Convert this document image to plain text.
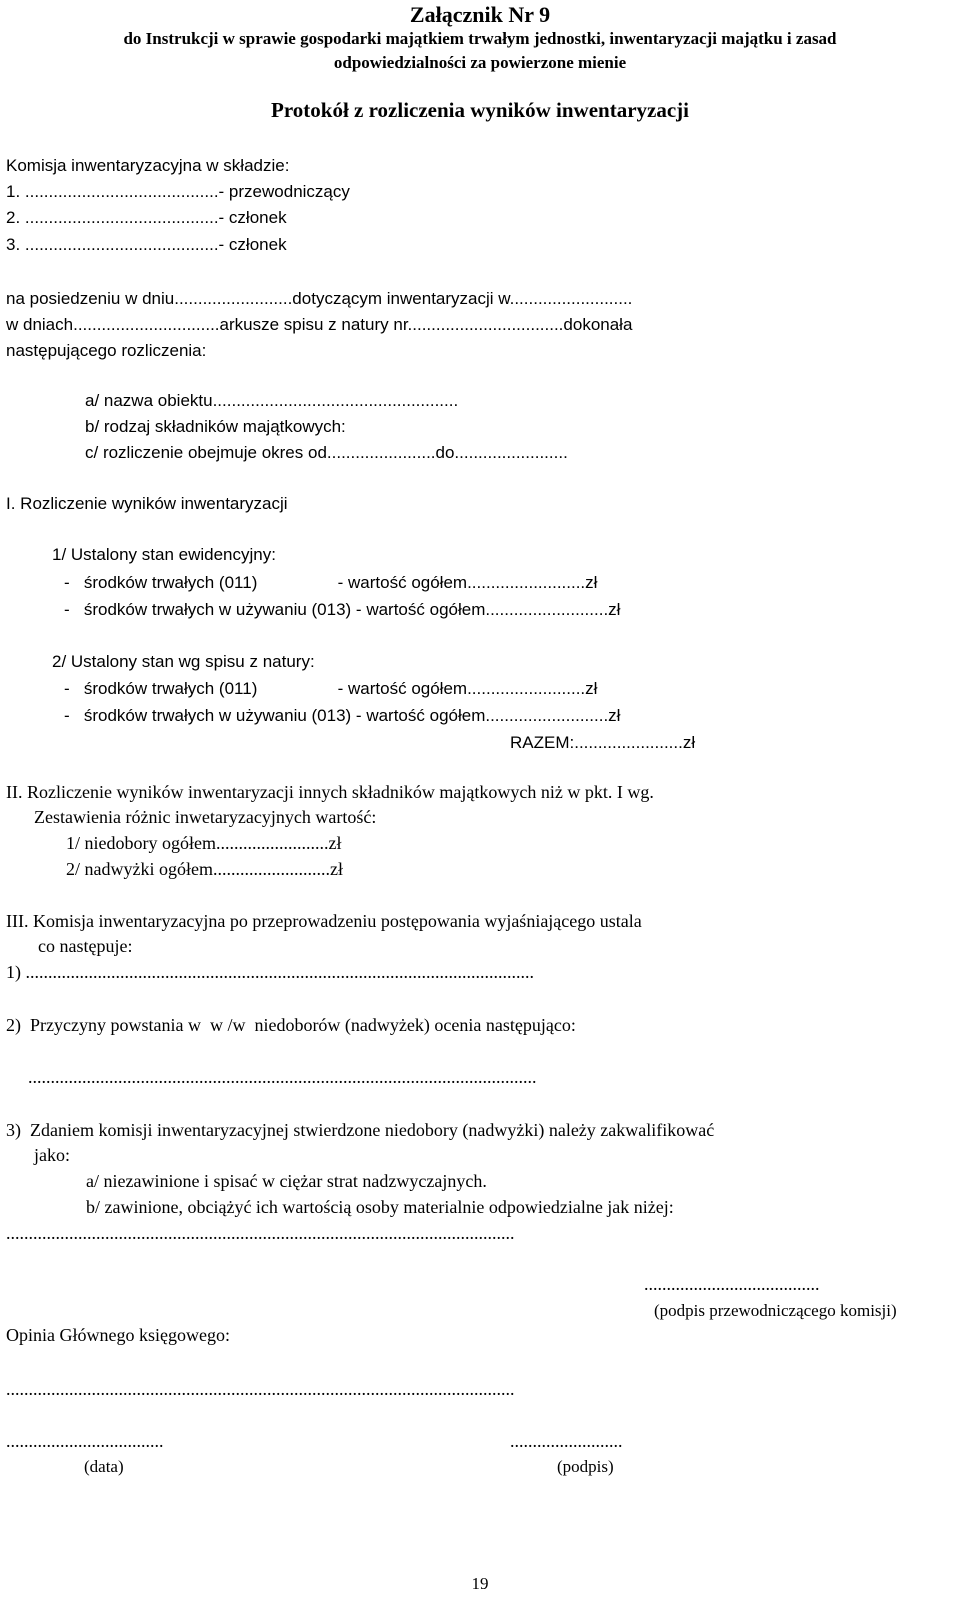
Załącznik Nr 9
do Instrukcji w sprawie gospodarki majątkiem trwałym jednostki, inwentaryzacji majątku i zasad
odpowiedzialności za powierzone mienie
Protokół z rozliczenia wyników inwentaryzacji
Komisja inwentaryzacyjna w składzie:
1. .........................................- przewodniczący
2. .........................................- członek
3. .........................................- członek
na posiedzeniu w dniu.........................dotyczącym inwentaryzacji w..........................
w dniach...............................arkusze spisu z natury nr.................................dokonała
następującego rozliczenia:
a/ nazwa obiektu....................................................
b/ rodzaj składników majątkowych:
c/ rozliczenie obejmuje okres od.......................do........................
I. Rozliczenie wyników inwentaryzacji
1/ Ustalony stan ewidencyjny:
-   środków trwałych (011)                 - wartość ogółem.........................zł
-   środków trwałych w używaniu (013) - wartość ogółem..........................zł
2/ Ustalony stan wg spisu z natury:
-   środków trwałych (011)                 - wartość ogółem.........................zł
-   środków trwałych w używaniu (013) - wartość ogółem..........................zł
RAZEM:.......................zł
II. Rozliczenie wyników inwentaryzacji innych składników majątkowych niż w pkt. I wg.
Zestawienia różnic inwetaryzacyjnych wartość:
1/ niedobory ogółem.........................zł
2/ nadwyżki ogółem..........................zł
III. Komisja inwentaryzacyjna po przeprowadzeniu postępowania wyjaśniającego ustala
co następuje:
1) .................................................................................................................
2)  Przyczyny powstania w  w /w  niedoborów (nadwyżek) ocenia następująco:
.................................................................................................................
3)  Zdaniem komisji inwentaryzacyjnej stwierdzone niedobory (nadwyżki) należy zakwalifikować
jako:
a/ niezawinione i spisać w ciężar strat nadzwyczajnych.
b/ zawinione, obciążyć ich wartością osoby materialnie odpowiedzialne jak niżej:
.................................................................................................................
.......................................
(podpis przewodniczącego komisji)
Opinia Głównego księgowego:
.................................................................................................................
...................................
(data)
.........................
(podpis)
19
